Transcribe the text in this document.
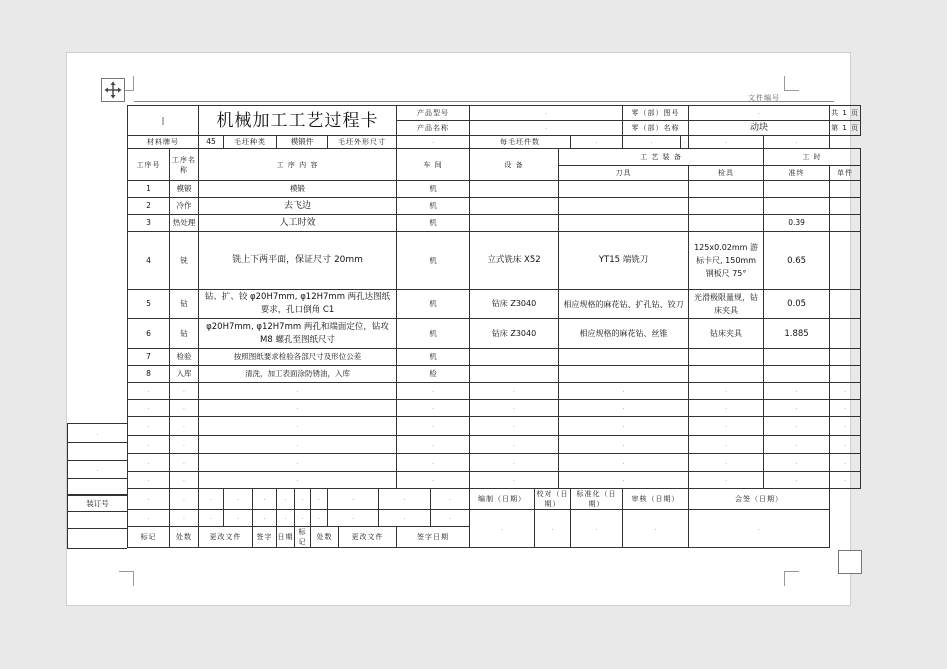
文件编号
.
.
装订号
|		机械加工工艺过程卡									产品型号		.				零（部）图号		.		共 1 页
											产品名称		.				零（部）名称		动块		第 1 页
材料牌号		45	毛坯种类		模锻件			毛坯外形尺寸			.		每毛坯件数			.	.	.	.	.	
工序号	工序名称	工 序 内 容									车 间		设 备		工 艺 装 备					工 时	
															刀具				检具	准终	单件
1	模锻	模锻									机										
2	冷作	去飞边									机										
3	热处理	人工时效									机									0.39	
4	铣	铣上下两平面，保证尺寸 20mm									机		立式铣床 X52		YT15 端铣刀				125x0.02mm 游标卡尺, 150mm 钢板尺 75°	0.65	
5	钻	钻、扩、铰 φ20H7mm, φ12H7mm 两孔达图纸要求，孔口倒角 C1									机		钻床 Z3040		相应规格的麻花钻、扩孔钻、铰刀				光滑极限量规，钻床夹具	0.05	
6	钻	φ20H7mm, φ12H7mm 两孔和端面定位，钻攻 M8 螺孔至图纸尺寸									机		钻床 Z3040		相应规格的麻花钻、丝锥				钻床夹具	1.885	
7	检验	按照图纸要求检验各部尺寸及形位公差									机										
8	入库	清洗，加工表面涂防锈油，入库									检										
.	.	.									.		.		.				.	.	.
.	.	.									.		.		.				.	.	.
.	.	.									.		.		.				.	.	.
.	.	.									.		.		.				.	.	.
.	.	.									.		.		.				.	.	.
.	.	.									.		.		.				.	.	.
.	.	.	.	.	.	.	.	.		.		.	编制（日期）	校对（日期）		标准化（日期）	审核（日期）		会签（日期）		
.	.	.	.	.	.	.	.	.		.		.	.	.		.	.		.		
标记	处数	更改文件		签字	日期	标记	处数		更改文件		签字日期										
